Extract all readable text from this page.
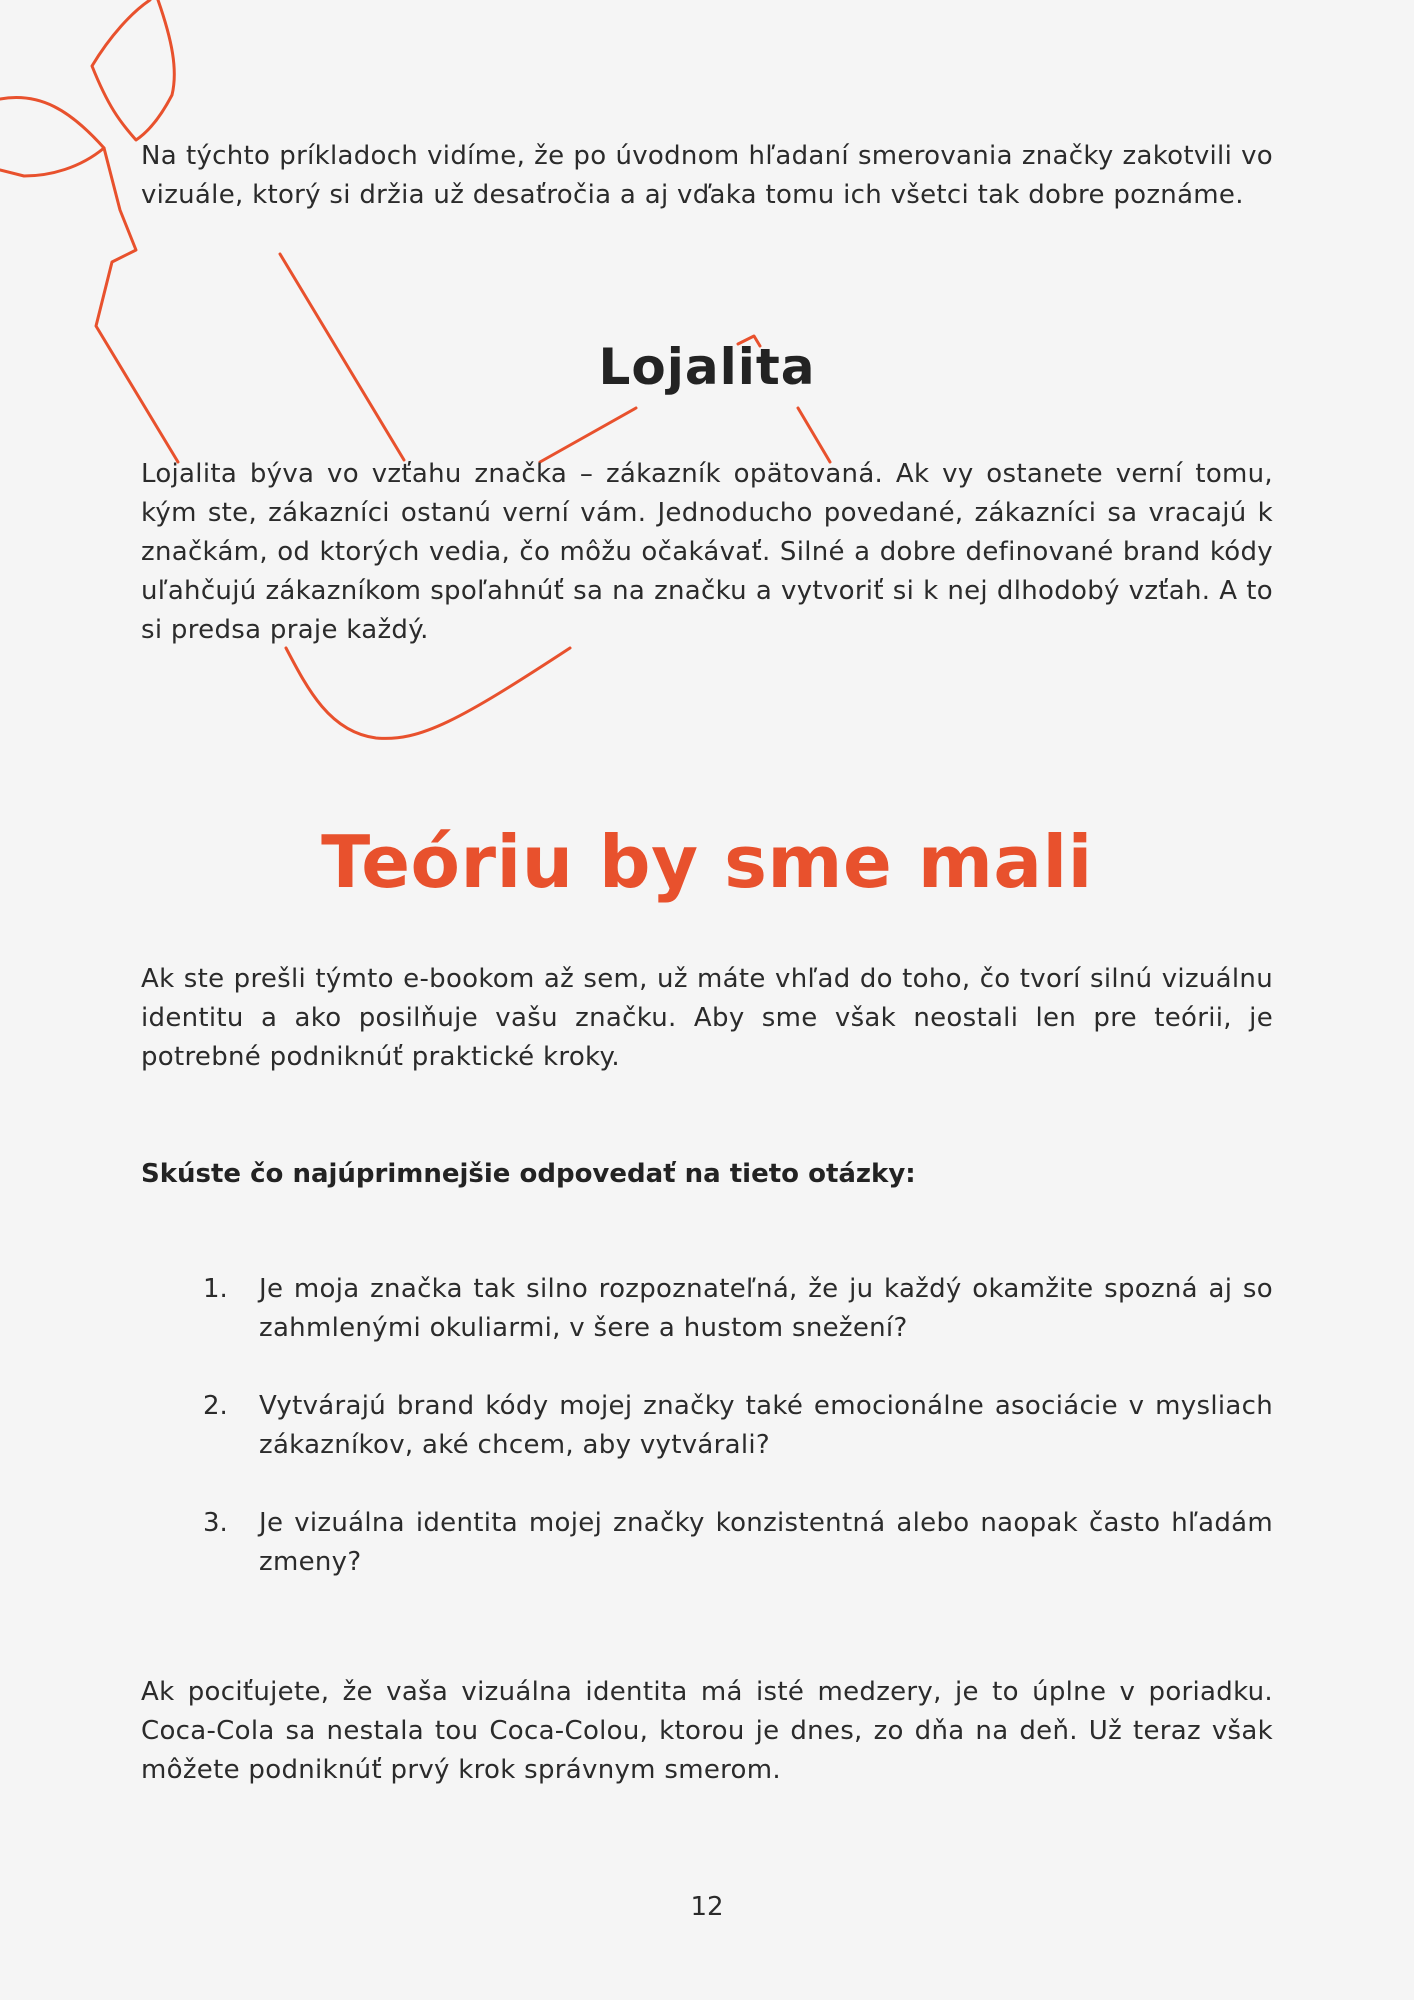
Na týchto príkladoch vidíme, že po úvodnom hľadaní smerovania značky zakotvili vo vizuále, ktorý si držia už desaťročia a aj vďaka tomu ich všetci tak dobre poznáme.

Lojalita

Lojalita býva vo vzťahu značka – zákazník opätovaná. Ak vy ostanete verní tomu, kým ste, zákazníci ostanú verní vám. Jednoducho povedané, zákazníci sa vracajú k značkám, od ktorých vedia, čo môžu očakávať. Silné a dobre definované brand kódy uľahčujú zákazníkom spoľahnúť sa na značku a vytvoriť si k nej dlhodobý vzťah. A to si predsa praje každý.

Teóriu by sme mali

Ak ste prešli týmto e-bookom až sem, už máte vhľad do toho, čo tvorí silnú vizuálnu identitu a ako posilňuje vašu značku. Aby sme však neostali len pre teórii, je potrebné podniknúť praktické kroky.

Skúste čo najúprimnejšie odpovedať na tieto otázky:

1.	Je moja značka tak silno rozpoznateľná, že ju každý okamžite spozná aj so zahmlenými okuliarmi, v šere a hustom snežení?
2.	Vytvárajú brand kódy mojej značky také emocionálne asociácie v mysliach zákazníkov, aké chcem, aby vytvárali?
3.	Je vizuálna identita mojej značky konzistentná alebo naopak často hľadám zmeny?

Ak pociťujete, že vaša vizuálna identita má isté medzery, je to úplne v poriadku. Coca-Cola sa nestala tou Coca-Colou, ktorou je dnes, zo dňa na deň. Už teraz však môžete podniknúť prvý krok správnym smerom.

12
